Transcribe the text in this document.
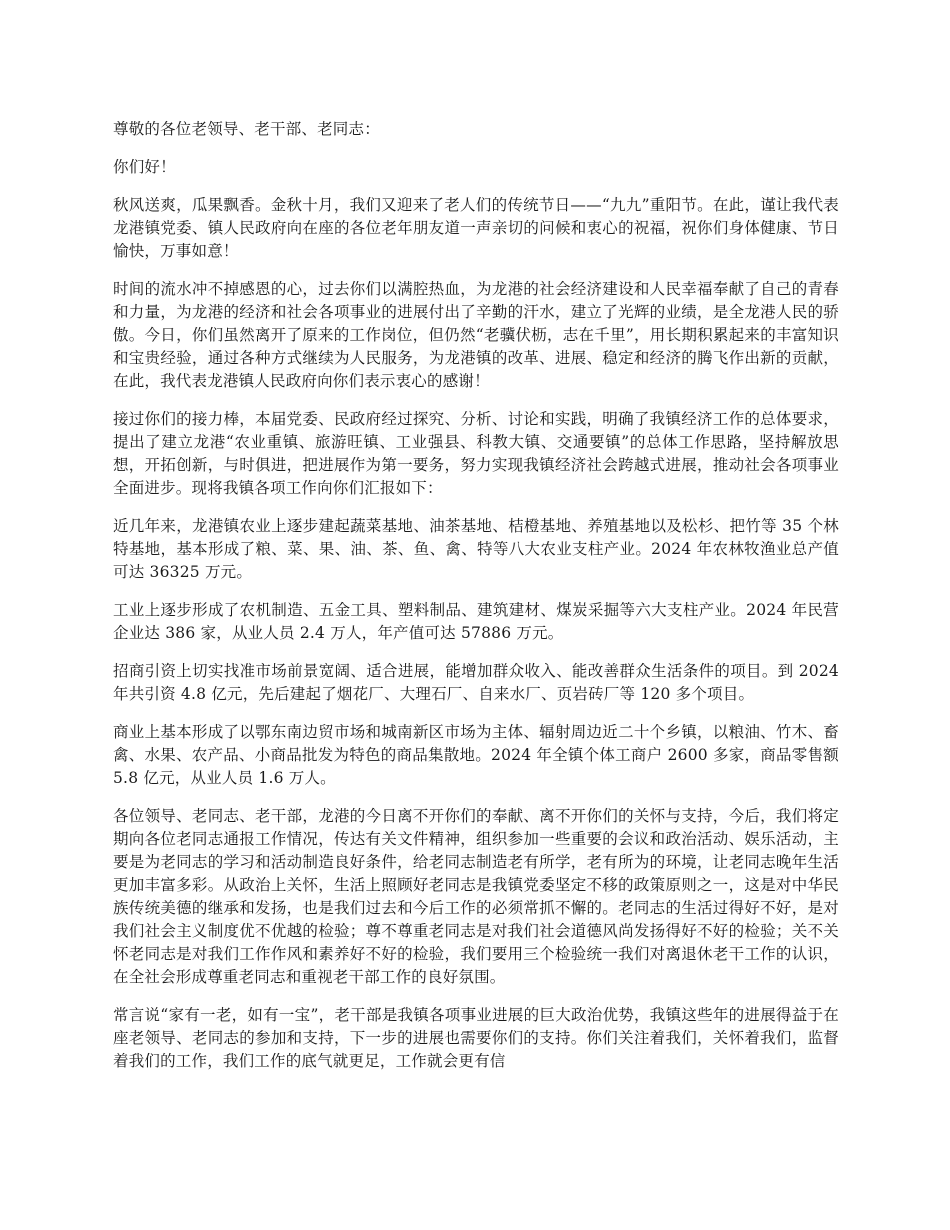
尊敬的各位老领导、老干部、老同志：

你们好！

秋风送爽，瓜果飘香。金秋十月，我们又迎来了老人们的传统节日——“九九”重阳节。在此，谨让我代表龙港镇党委、镇人民政府向在座的各位老年朋友道一声亲切的问候和衷心的祝福，祝你们身体健康、节日愉快，万事如意！

时间的流水冲不掉感恩的心，过去你们以满腔热血，为龙港的社会经济建设和人民幸福奉献了自己的青春和力量，为龙港的经济和社会各项事业的进展付出了辛勤的汗水，建立了光辉的业绩，是全龙港人民的骄傲。今日，你们虽然离开了原来的工作岗位，但仍然“老骥伏枥，志在千里”，用长期积累起来的丰富知识和宝贵经验，通过各种方式继续为人民服务，为龙港镇的改革、进展、稳定和经济的腾飞作出新的贡献，在此，我代表龙港镇人民政府向你们表示衷心的感谢！

接过你们的接力棒，本届党委、民政府经过探究、分析、讨论和实践，明确了我镇经济工作的总体要求，提出了建立龙港“农业重镇、旅游旺镇、工业强县、科教大镇、交通要镇”的总体工作思路，坚持解放思想，开拓创新，与时俱进，把进展作为第一要务，努力实现我镇经济社会跨越式进展，推动社会各项事业全面进步。现将我镇各项工作向你们汇报如下：

近几年来，龙港镇农业上逐步建起蔬菜基地、油茶基地、桔橙基地、养殖基地以及松杉、把竹等 35 个林特基地，基本形成了粮、菜、果、油、茶、鱼、禽、特等八大农业支柱产业。2024 年农林牧渔业总产值可达 36325 万元。

工业上逐步形成了农机制造、五金工具、塑料制品、建筑建材、煤炭采掘等六大支柱产业。2024 年民营企业达 386 家，从业人员 2.4 万人，年产值可达 57886 万元。

招商引资上切实找准市场前景宽阔、适合进展，能增加群众收入、能改善群众生活条件的项目。到 2024 年共引资 4.8 亿元，先后建起了烟花厂、大理石厂、自来水厂、页岩砖厂等 120 多个项目。

商业上基本形成了以鄂东南边贸市场和城南新区市场为主体、辐射周边近二十个乡镇，以粮油、竹木、畜禽、水果、农产品、小商品批发为特色的商品集散地。2024 年全镇个体工商户 2600 多家，商品零售额 5.8 亿元，从业人员 1.6 万人。

各位领导、老同志、老干部，龙港的今日离不开你们的奉献、离不开你们的关怀与支持，今后，我们将定期向各位老同志通报工作情况，传达有关文件精神，组织参加一些重要的会议和政治活动、娱乐活动，主要是为老同志的学习和活动制造良好条件，给老同志制造老有所学，老有所为的环境，让老同志晚年生活更加丰富多彩。从政治上关怀，生活上照顾好老同志是我镇党委坚定不移的政策原则之一，这是对中华民族传统美德的继承和发扬，也是我们过去和今后工作的必须常抓不懈的。老同志的生活过得好不好，是对我们社会主义制度优不优越的检验；尊不尊重老同志是对我们社会道德风尚发扬得好不好的检验；关不关怀老同志是对我们工作作风和素养好不好的检验，我们要用三个检验统一我们对离退休老干工作的认识，在全社会形成尊重老同志和重视老干部工作的良好氛围。

常言说“家有一老，如有一宝”，老干部是我镇各项事业进展的巨大政治优势，我镇这些年的进展得益于在座老领导、老同志的参加和支持，下一步的进展也需要你们的支持。你们关注着我们，关怀着我们，监督着我们的工作，我们工作的底气就更足，工作就会更有信
